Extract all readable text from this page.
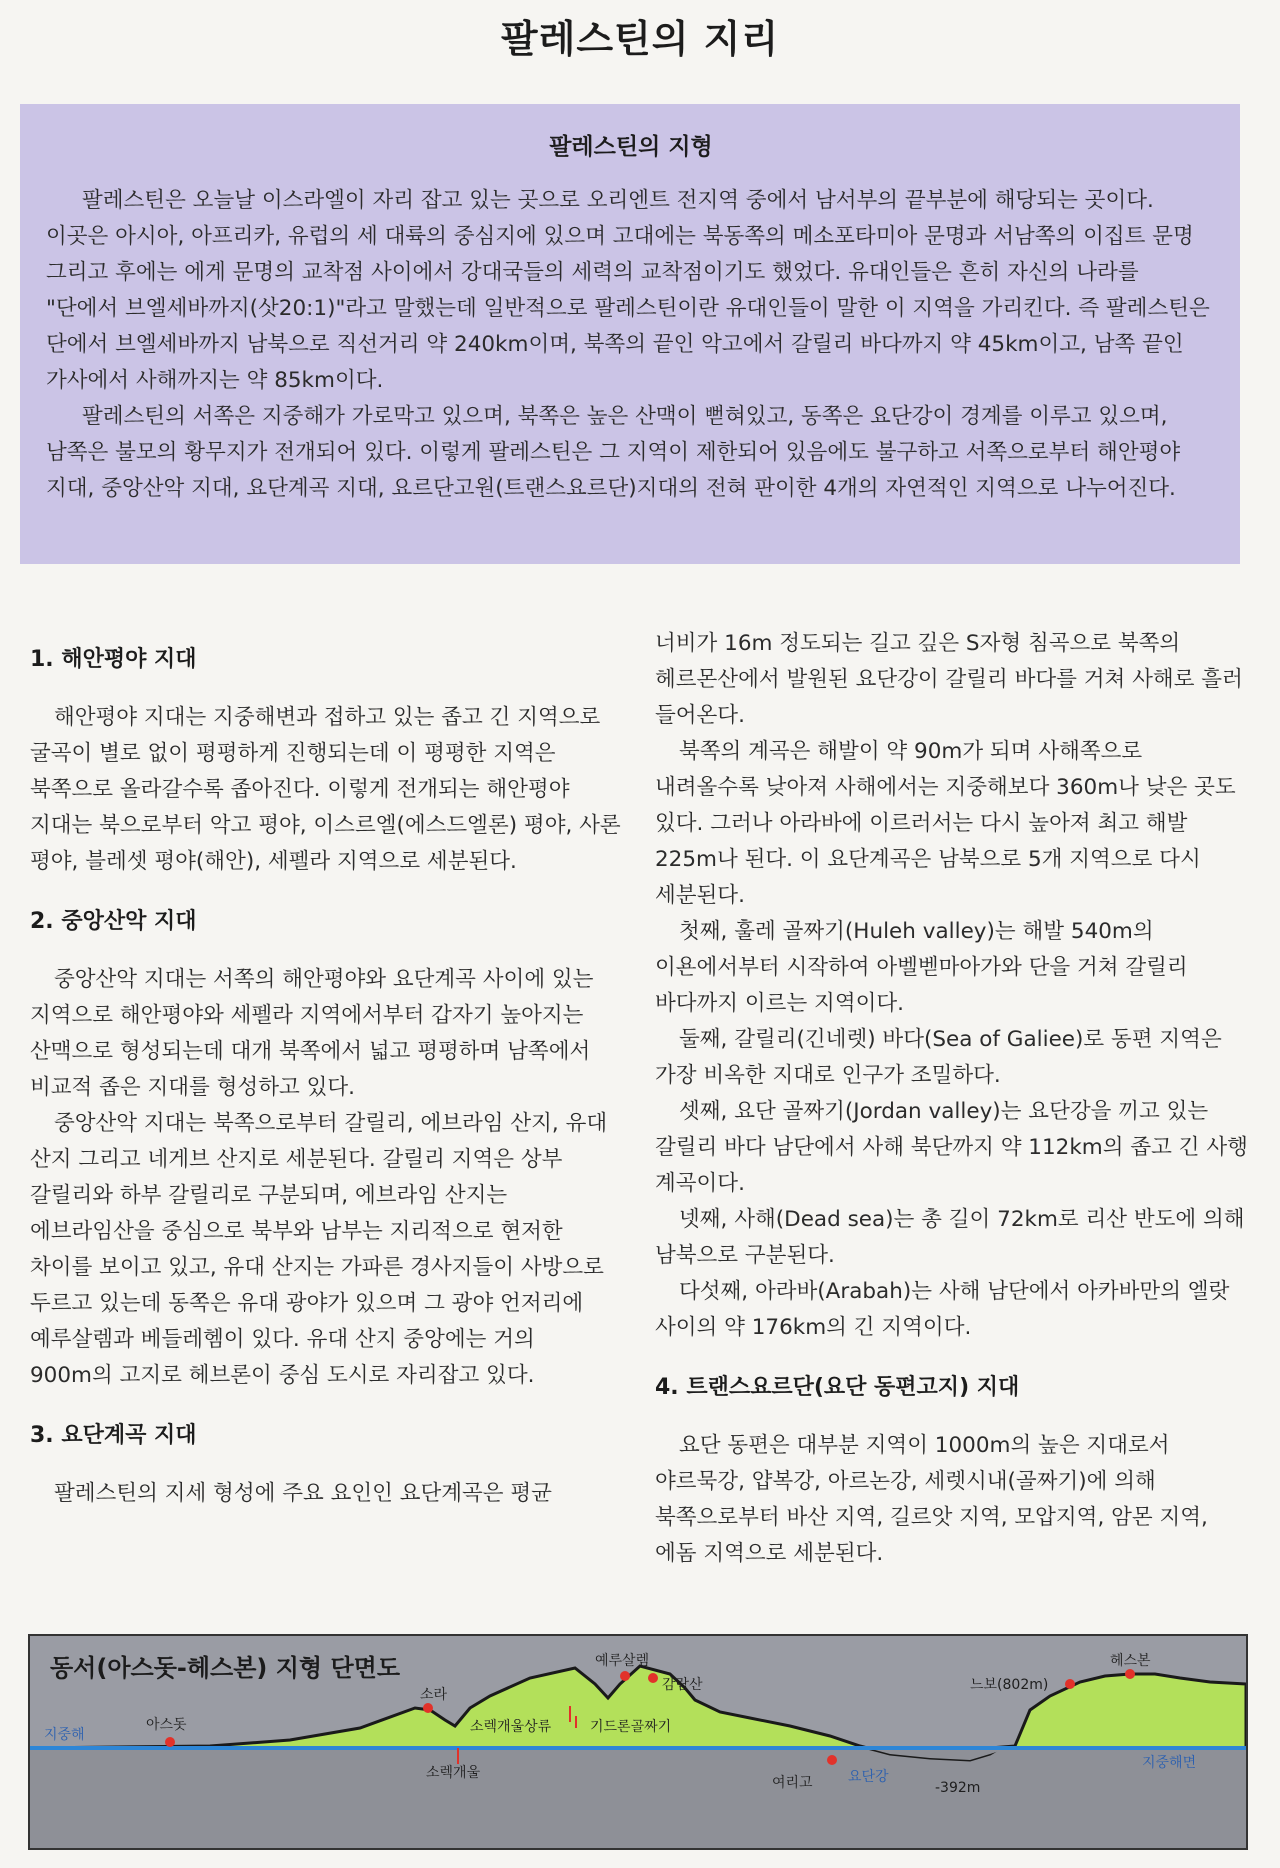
팔레스틴의 지리
팔레스틴의 지형

팔레스틴은 오늘날 이스라엘이 자리 잡고 있는 곳으로 오리엔트 전지역 중에서 남서부의 끝부분에 해당되는 곳이다. 이곳은 아시아, 아프리카, 유럽의 세 대륙의 중심지에 있으며 고대에는 북동쪽의 메소포타미아 문명과 서남쪽의 이집트 문명 그리고 후에는 에게 문명의 교착점 사이에서 강대국들의 세력의 교착점이기도 했었다. 유대인들은 흔히 자신의 나라를 "단에서 브엘세바까지(삿20:1)"라고 말했는데 일반적으로 팔레스틴이란 유대인들이 말한 이 지역을 가리킨다. 즉 팔레스틴은 단에서 브엘세바까지 남북으로 직선거리 약 240km이며, 북쪽의 끝인 악고에서 갈릴리 바다까지 약 45km이고, 남쪽 끝인 가사에서 사해까지는 약 85km이다.

팔레스틴의 서쪽은 지중해가 가로막고 있으며, 북쪽은 높은 산맥이 뻗혀있고, 동쪽은 요단강이 경계를 이루고 있으며, 남쪽은 불모의 황무지가 전개되어 있다. 이렇게 팔레스틴은 그 지역이 제한되어 있음에도 불구하고 서쪽으로부터 해안평야 지대, 중앙산악 지대, 요단계곡 지대, 요르단고원(트랜스요르단)지대의 전혀 판이한 4개의 자연적인 지역으로 나누어진다.

1. 해안평야 지대

해안평야 지대는 지중해변과 접하고 있는 좁고 긴 지역으로 굴곡이 별로 없이 평평하게 진행되는데 이 평평한 지역은 북쪽으로 올라갈수록 좁아진다. 이렇게 전개되는 해안평야 지대는 북으로부터 악고 평야, 이스르엘(에스드엘론) 평야, 사론 평야, 블레셋 평야(해안), 세펠라 지역으로 세분된다.

2. 중앙산악 지대

중앙산악 지대는 서쪽의 해안평야와 요단계곡 사이에 있는 지역으로 해안평야와 세펠라 지역에서부터 갑자기 높아지는 산맥으로 형성되는데 대개 북쪽에서 넓고 평평하며 남쪽에서 비교적 좁은 지대를 형성하고 있다.

중앙산악 지대는 북쪽으로부터 갈릴리, 에브라임 산지, 유대 산지 그리고 네게브 산지로 세분된다. 갈릴리 지역은 상부 갈릴리와 하부 갈릴리로 구분되며, 에브라임 산지는 에브라임산을 중심으로 북부와 남부는 지리적으로 현저한 차이를 보이고 있고, 유대 산지는 가파른 경사지들이 사방으로 두르고 있는데 동쪽은 유대 광야가 있으며 그 광야 언저리에 예루살렘과 베들레헴이 있다. 유대 산지 중앙에는 거의 900m의 고지로 헤브론이 중심 도시로 자리잡고 있다.

3. 요단계곡 지대

팔레스틴의 지세 형성에 주요 요인인 요단계곡은 평균

너비가 16m 정도되는 길고 깊은 S자형 침곡으로 북쪽의 헤르몬산에서 발원된 요단강이 갈릴리 바다를 거쳐 사해로 흘러 들어온다.

북쪽의 계곡은 해발이 약 90m가 되며 사해쪽으로 내려올수록 낮아져 사해에서는 지중해보다 360m나 낮은 곳도 있다. 그러나 아라바에 이르러서는 다시 높아져 최고 해발 225m나 된다. 이 요단계곡은 남북으로 5개 지역으로 다시 세분된다.

첫째, 훌레 골짜기(Huleh valley)는 해발 540m의 이욘에서부터 시작하여 아벨벧마아가와 단을 거쳐 갈릴리 바다까지 이르는 지역이다.

둘째, 갈릴리(긴네렛) 바다(Sea of Galiee)로 동편 지역은 가장 비옥한 지대로 인구가 조밀하다.

셋째, 요단 골짜기(Jordan valley)는 요단강을 끼고 있는 갈릴리 바다 남단에서 사해 북단까지 약 112km의 좁고 긴 사행 계곡이다.

넷째, 사해(Dead sea)는 총 길이 72km로 리산 반도에 의해 남북으로 구분된다.

다섯째, 아라바(Arabah)는 사해 남단에서 아카바만의 엘랏 사이의 약 176km의 긴 지역이다.

4. 트랜스요르단(요단 동편고지) 지대

요단 동편은 대부분 지역이 1000m의 높은 지대로서 야르묵강, 얍복강, 아르논강, 세렛시내(골짜기)에 의해 북쪽으로부터 바산 지역, 길르앗 지역, 모압지역, 암몬 지역, 에돔 지역으로 세분된다.

동서(아스돗-헤스본) 지형 단면도
지중해
아스돗
소라
소렉개울상류
소렉개울
예루살렘
감람산
기드론골짜기
여리고	요단강
-392m
느보(802m)
헤스본
지중해면
